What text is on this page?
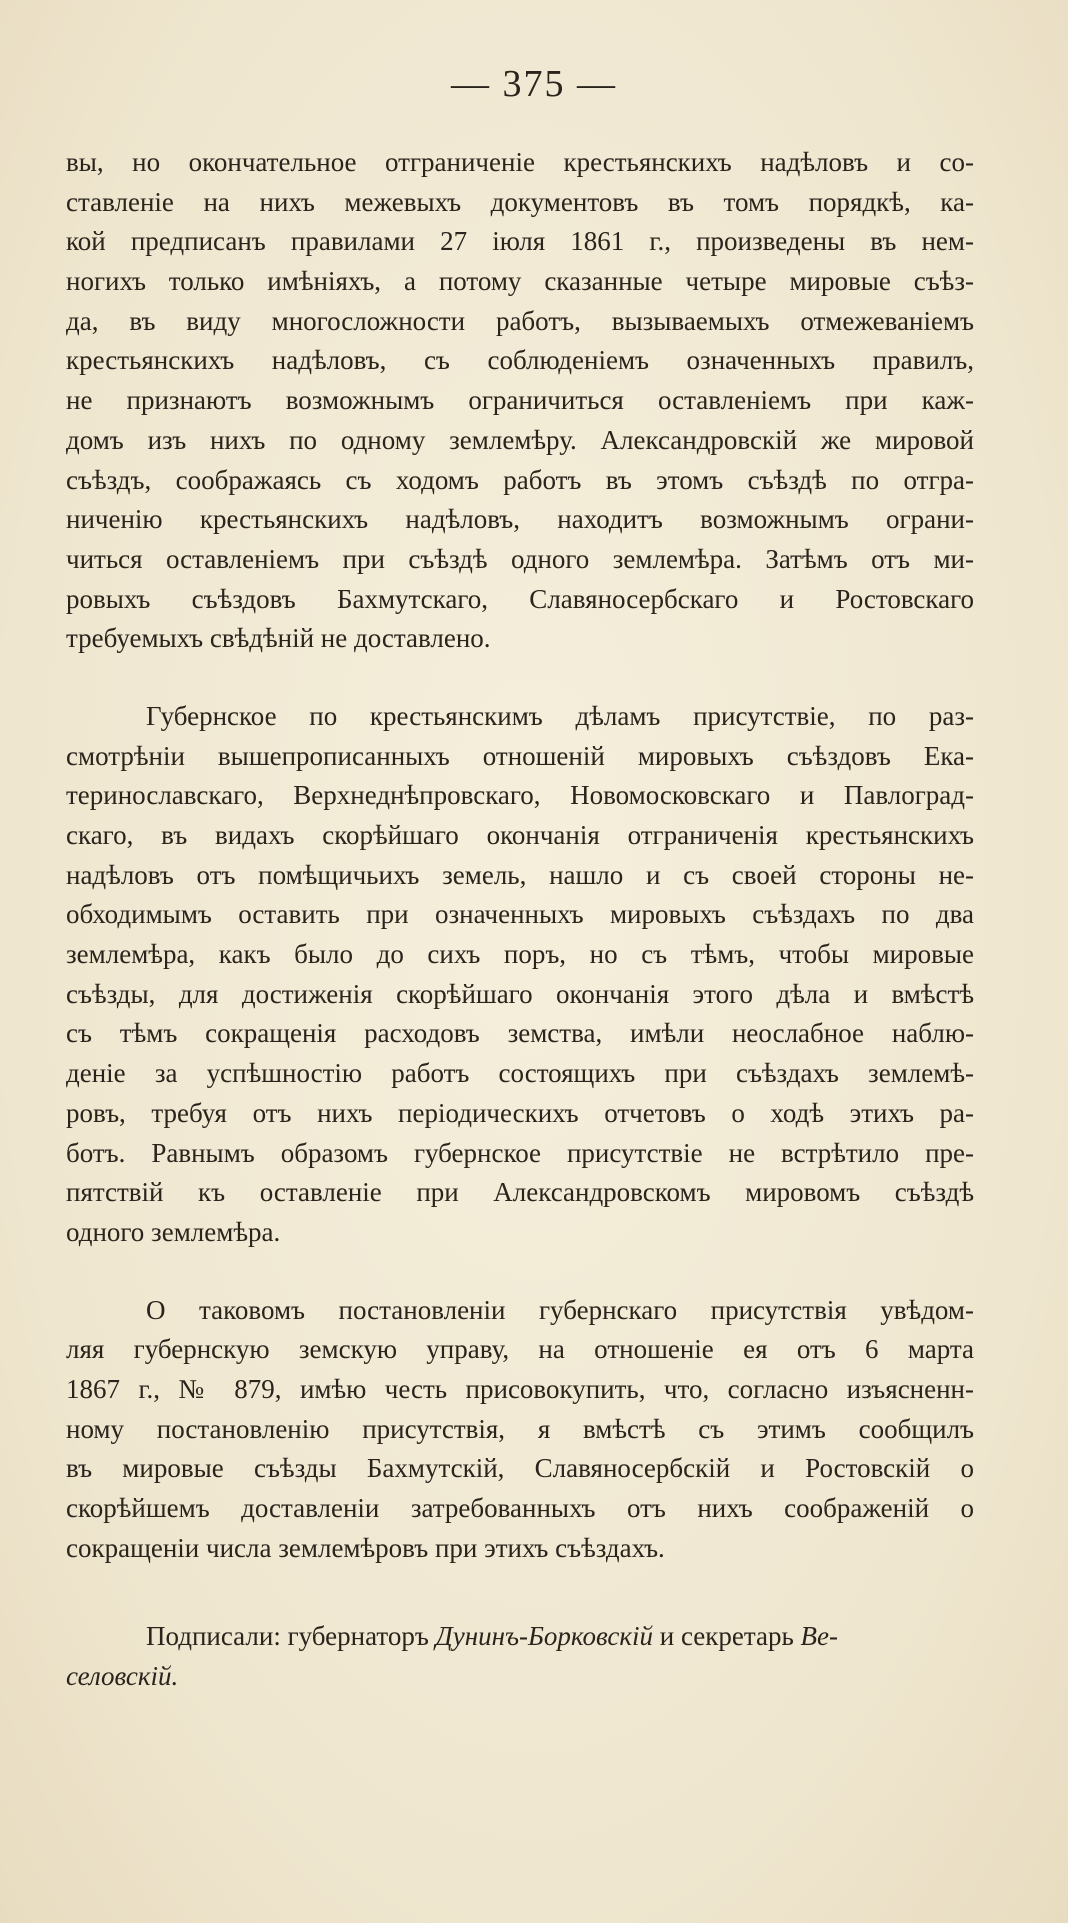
— 375 —
вы, но окончательное отграниченіе крестьянскихъ надѣловъ и со-
ставленіе на нихъ межевыхъ документовъ въ томъ порядкѣ, ка-
кой предписанъ правилами 27 іюля 1861 г., произведены въ нем-
ногихъ только имѣніяхъ, а потому сказанные четыре мировые съѣз-
да, въ виду многосложности работъ, вызываемыхъ отмежеваніемъ
крестьянскихъ надѣловъ, съ соблюденіемъ означенныхъ правилъ,
не признаютъ возможнымъ ограничиться оставленіемъ при каж-
домъ изъ нихъ по одному землемѣру. Александровскій же мировой
съѣздъ, соображаясь съ ходомъ работъ въ этомъ съѣздѣ по отгра-
ниченію крестьянскихъ надѣловъ, находитъ возможнымъ ограни-
читься оставленіемъ при съѣздѣ одного землемѣра. Затѣмъ отъ ми-
ровыхъ съѣздовъ Бахмутскаго, Славяносербскаго и Ростовскаго
требуемыхъ свѣдѣній не доставлено.
Губернское по крестьянскимъ дѣламъ присутствіе, по раз-
смотрѣніи вышепрописанныхъ отношеній мировыхъ съѣздовъ Ека-
теринославскаго, Верхнеднѣпровскаго, Новомосковскаго и Павлоград-
скаго, въ видахъ скорѣйшаго окончанія отграниченія крестьянскихъ
надѣловъ отъ помѣщичьихъ земель, нашло и съ своей стороны не-
обходимымъ оставить при означенныхъ мировыхъ съѣздахъ по два
землемѣра, какъ было до сихъ поръ, но съ тѣмъ, чтобы мировые
съѣзды, для достиженія скорѣйшаго окончанія этого дѣла и вмѣстѣ
съ тѣмъ сокращенія расходовъ земства, имѣли неослабное наблю-
деніе за успѣшностію работъ состоящихъ при съѣздахъ землемѣ-
ровъ, требуя отъ нихъ періодическихъ отчетовъ о ходѣ этихъ ра-
ботъ. Равнымъ образомъ губернское присутствіе не встрѣтило пре-
пятствій къ оставленіе при Александровскомъ мировомъ съѣздѣ
одного землемѣра.
О таковомъ постановленіи губернскаго присутствія увѣдом-
ляя губернскую земскую управу, на отношеніе ея отъ 6 марта
1867 г., № 879, имѣю честь присовокупить, что, согласно изъясненн-
ному постановленію присутствія, я вмѣстѣ съ этимъ сообщилъ
въ мировые съѣзды Бахмутскій, Славяносербскій и Ростовскій о
скорѣйшемъ доставленіи затребованныхъ отъ нихъ соображеній о
сокращеніи числа землемѣровъ при этихъ съѣздахъ.
Подписали: губернаторъ Дунинъ-Борковскій и секретарь Ве-
селовскій.
